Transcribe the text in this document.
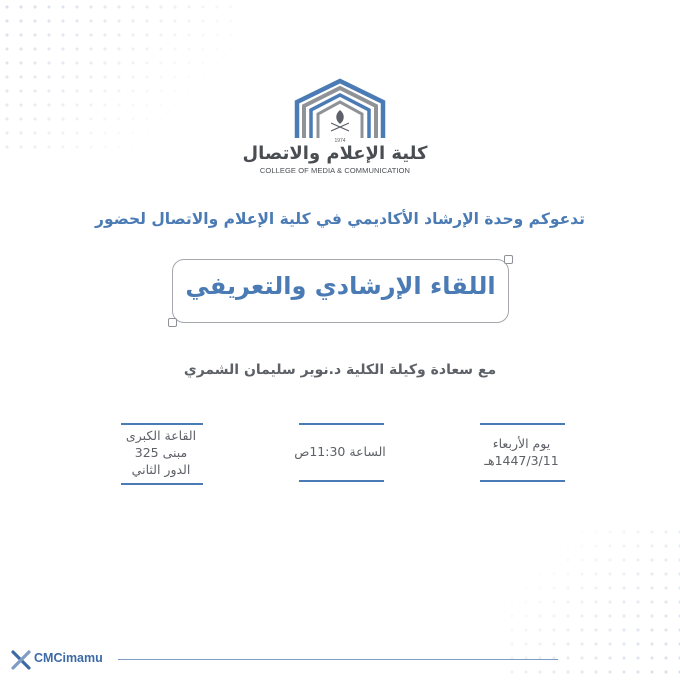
1974
كلية الإعلام والاتصال
COLLEGE OF MEDIA & COMMUNICATION
تدعوكم وحدة الإرشاد الأكاديمي في كلية الإعلام والاتصال لحضور
اللقاء الإرشادي والتعريفي
مع سعادة وكيلة الكلية د.نوير سليمان الشمري
القاعة الكبرى
مبنى 325
الدور الثاني
الساعة 11:30ص
يوم الأربعاء
1447/3/11هـ
CMCimamu
